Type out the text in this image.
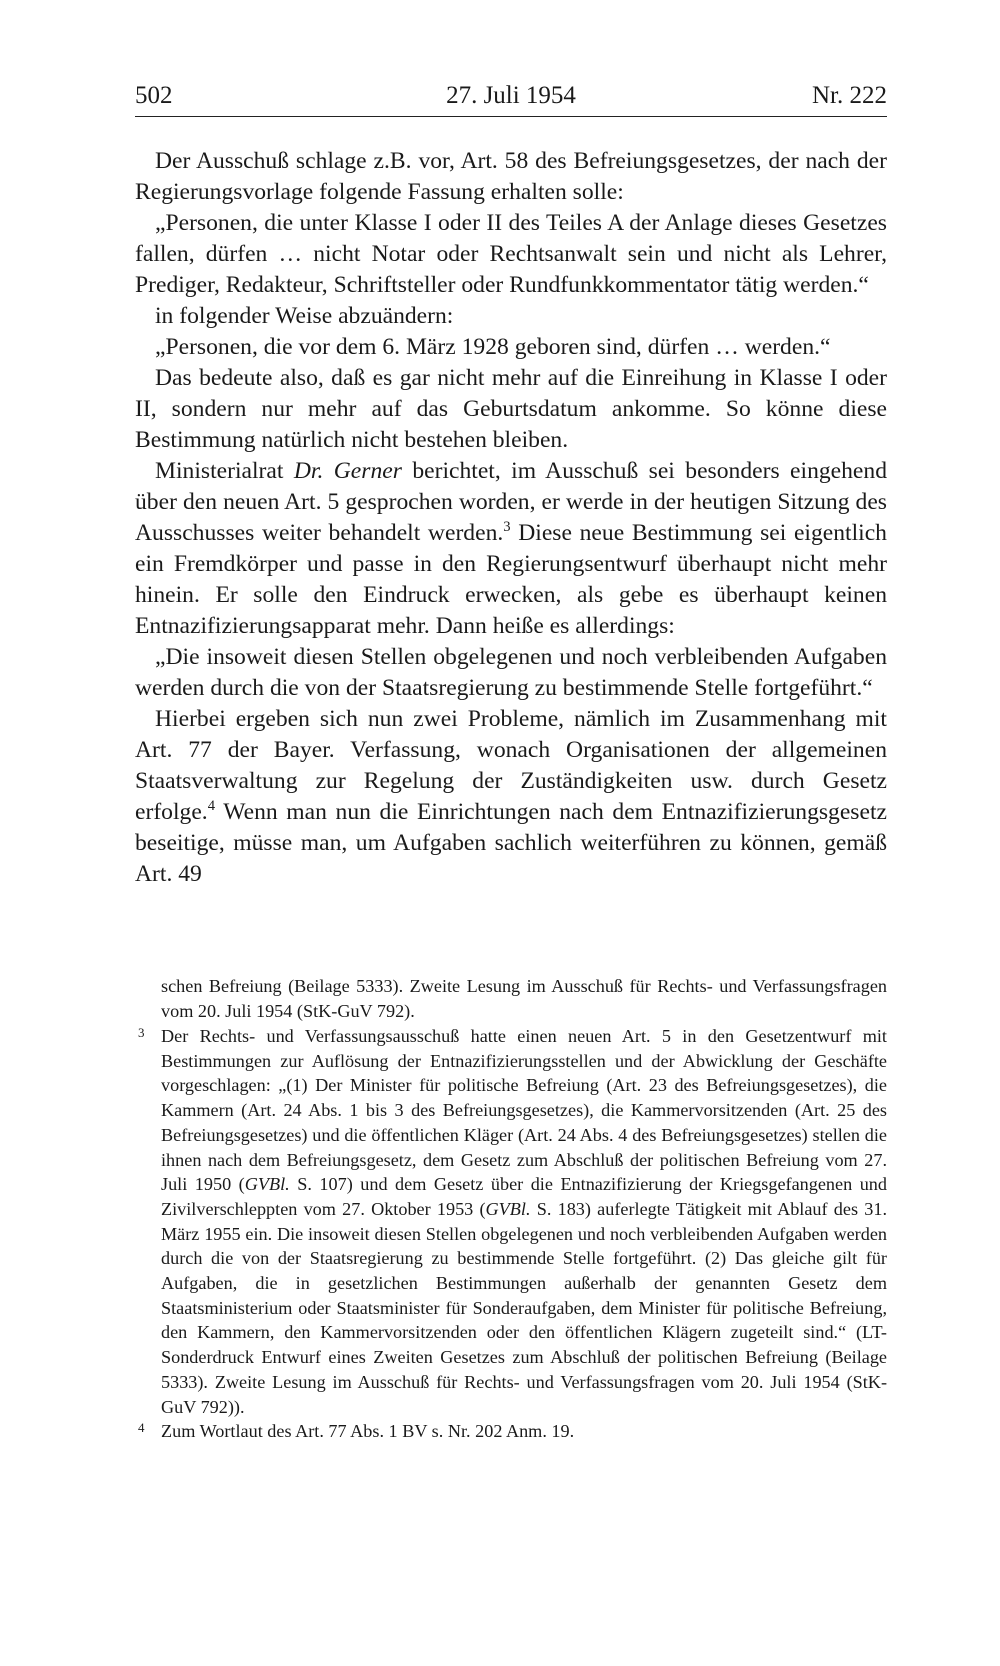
502	27. Juli 1954	Nr. 222

Der Ausschuß schlage z.B. vor, Art. 58 des Befreiungsgesetzes, der nach der Regierungsvorlage folgende Fassung erhalten solle:

„Personen, die unter Klasse I oder II des Teiles A der Anlage dieses Gesetzes fallen, dürfen … nicht Notar oder Rechtsanwalt sein und nicht als Lehrer, Prediger, Redakteur, Schriftsteller oder Rundfunkkommentator tätig werden.“

in folgender Weise abzuändern:

„Personen, die vor dem 6. März 1928 geboren sind, dürfen … werden.“

Das bedeute also, daß es gar nicht mehr auf die Einreihung in Klasse I oder II, sondern nur mehr auf das Geburtsdatum ankomme. So könne diese Bestimmung natürlich nicht bestehen bleiben.

Ministerialrat Dr. Gerner berichtet, im Ausschuß sei besonders eingehend über den neuen Art. 5 gesprochen worden, er werde in der heutigen Sitzung des Ausschusses weiter behandelt werden.$^3$ Diese neue Bestimmung sei eigentlich ein Fremdkörper und passe in den Regierungsentwurf überhaupt nicht mehr hinein. Er solle den Eindruck erwecken, als gebe es überhaupt keinen Entnazifizierungsapparat mehr. Dann heiße es allerdings:

„Die insoweit diesen Stellen obgelegenen und noch verbleibenden Aufgaben werden durch die von der Staatsregierung zu bestimmende Stelle fortgeführt.“

Hierbei ergeben sich nun zwei Probleme, nämlich im Zusammenhang mit Art. 77 der Bayer. Verfassung, wonach Organisationen der allgemeinen Staatsverwaltung zur Regelung der Zuständigkeiten usw. durch Gesetz erfolge.$^4$ Wenn man nun die Einrichtungen nach dem Entnazifizierungsgesetz beseitige, müsse man, um Aufgaben sachlich weiterführen zu können, gemäß Art. 49

schen Befreiung (Beilage 5333). Zweite Lesung im Ausschuß für Rechts- und Verfassungsfragen vom 20. Juli 1954 (StK-GuV 792).
3 Der Rechts- und Verfassungsausschuß hatte einen neuen Art. 5 in den Gesetzentwurf mit Bestimmungen zur Auflösung der Entnazifizierungsstellen und der Abwicklung der Geschäfte vorgeschlagen: „(1) Der Minister für politische Befreiung (Art. 23 des Befreiungsgesetzes), die Kammern (Art. 24 Abs. 1 bis 3 des Befreiungsgesetzes), die Kammervorsitzenden (Art. 25 des Befreiungsgesetzes) und die öffentlichen Kläger (Art. 24 Abs. 4 des Befreiungsgesetzes) stellen die ihnen nach dem Befreiungsgesetz, dem Gesetz zum Abschluß der politischen Befreiung vom 27. Juli 1950 (GVBl. S. 107) und dem Gesetz über die Entnazifizierung der Kriegsgefangenen und Zivilverschleppten vom 27. Oktober 1953 (GVBl. S. 183) auferlegte Tätigkeit mit Ablauf des 31. März 1955 ein. Die insoweit diesen Stellen obgelegenen und noch verbleibenden Aufgaben werden durch die von der Staatsregierung zu bestimmende Stelle fortgeführt. (2) Das gleiche gilt für Aufgaben, die in gesetzlichen Bestimmungen außerhalb der genannten Gesetz dem Staatsministerium oder Staatsminister für Sonderaufgaben, dem Minister für politische Befreiung, den Kammern, den Kammervorsitzenden oder den öffentlichen Klägern zugeteilt sind.“ (LT-Sonderdruck Entwurf eines Zweiten Gesetzes zum Abschluß der politischen Befreiung (Beilage 5333). Zweite Lesung im Ausschuß für Rechts- und Verfassungsfragen vom 20. Juli 1954 (StK-GuV 792)).
4 Zum Wortlaut des Art. 77 Abs. 1 BV s. Nr. 202 Anm. 19.
